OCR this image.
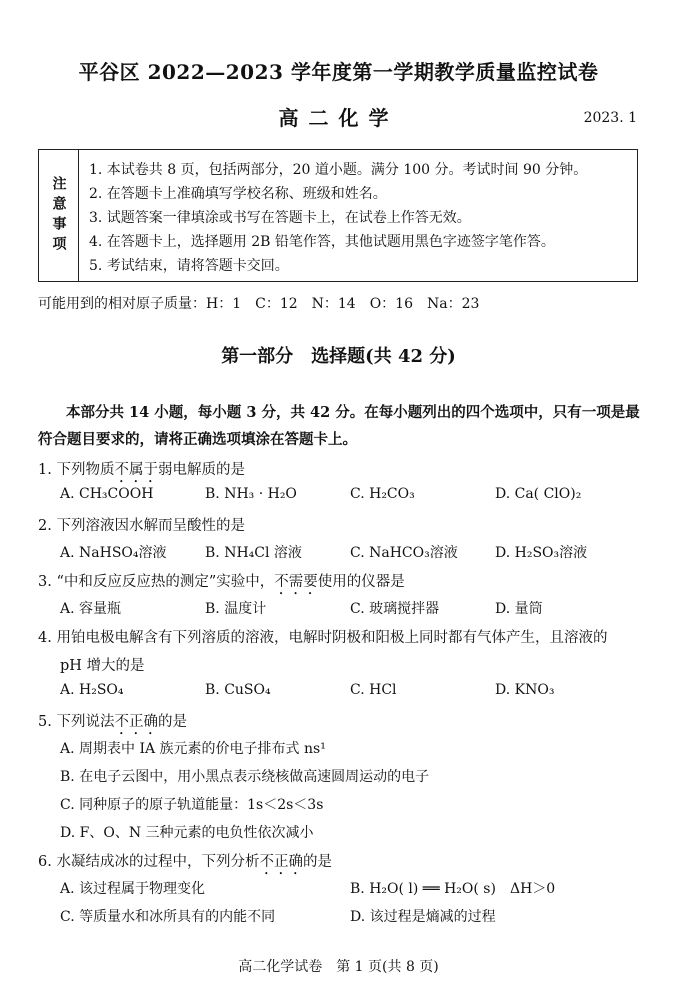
平谷区 2022—2023 学年度第一学期教学质量监控试卷
高二化学	2023. 1
注意事项
1. 本试卷共 8 页，包括两部分，20 道小题。满分 100 分。考试时间 90 分钟。
2. 在答题卡上准确填写学校名称、班级和姓名。
3. 试题答案一律填涂或书写在答题卡上，在试卷上作答无效。
4. 在答题卡上，选择题用 2B 铅笔作答，其他试题用黑色字迹签字笔作答。
5. 考试结束，请将答题卡交回。
可能用到的相对原子质量：H：1　C：12　N：14　O：16　Na：23
第一部分　选择题(共 42 分)
本部分共 14 小题，每小题 3 分，共 42 分。在每小题列出的四个选项中，只有一项是最符合题目要求的，请将正确选项填涂在答题卡上。
1. 下列物质不属于弱电解质的是
A. CH₃COOH	B. NH₃ · H₂O	C. H₂CO₃	D. Ca( ClO)₂
2. 下列溶液因水解而呈酸性的是
A. NaHSO₄溶液	B. NH₄Cl 溶液	C. NaHCO₃溶液	D. H₂SO₃溶液
3. “中和反应反应热的测定”实验中，不需要使用的仪器是
A. 容量瓶	B. 温度计	C. 玻璃搅拌器	D. 量筒
4. 用铂电极电解含有下列溶质的溶液，电解时阴极和阳极上同时都有气体产生，且溶液的
pH 增大的是
A. H₂SO₄	B. CuSO₄	C. HCl	D. KNO₃
5. 下列说法不正确的是
A. 周期表中 IA 族元素的价电子排布式 ns¹
B. 在电子云图中，用小黑点表示绕核做高速圆周运动的电子
C. 同种原子的原子轨道能量：1s＜2s＜3s
D. F、O、N 三种元素的电负性依次减小
6. 水凝结成冰的过程中，下列分析不正确的是
A. 该过程属于物理变化	B. H₂O( l) ══ H₂O( s)　ΔH＞0
C. 等质量水和冰所具有的内能不同	D. 该过程是熵减的过程
高二化学试卷　第 1 页(共 8 页)
